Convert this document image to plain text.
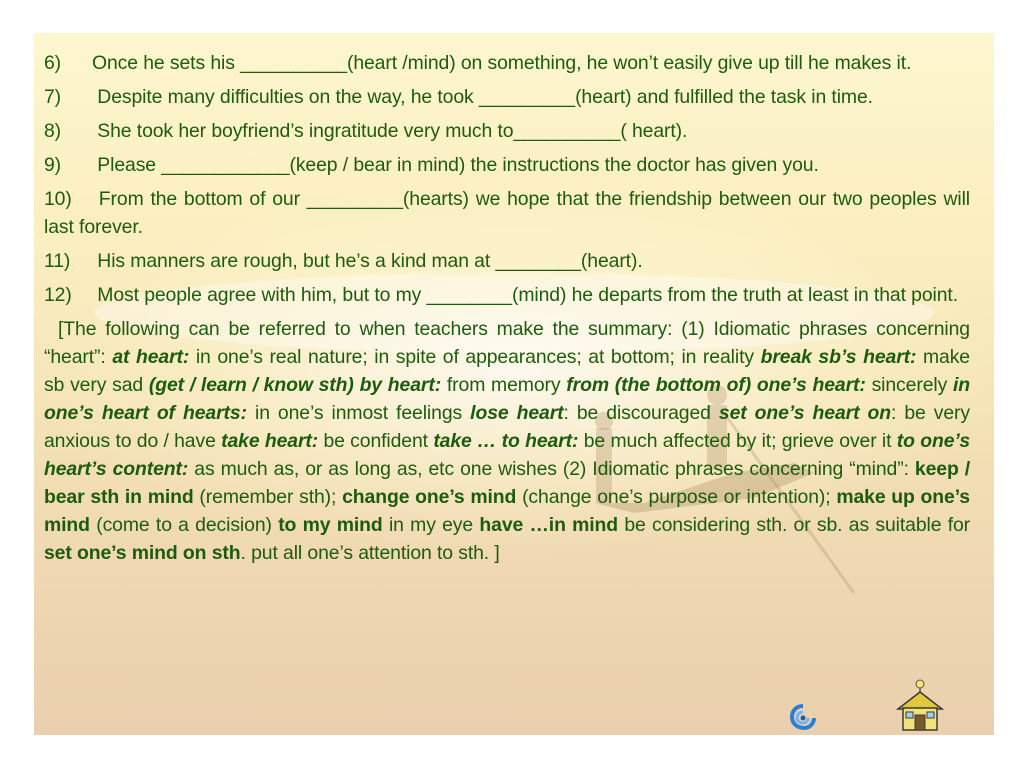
6) Once he sets his __________(heart /mind) on something, he won’t easily give up till he makes it.
7) Despite many difficulties on the way, he took _________(heart) and fulfilled the task in time.
8) She took her boyfriend’s ingratitude very much to__________( heart).
9) Please ____________(keep / bear in mind) the instructions the doctor has given you.
10) From the bottom of our _________(hearts) we hope that the friendship between our two peoples will last forever.
11) His manners are rough, but he’s a kind man at ________(heart).
12) Most people agree with him, but to my ________(mind) he departs from the truth at least in that point.
[The following can be referred to when teachers make the summary: (1) Idiomatic phrases concerning “heart”: at heart: in one’s real nature; in spite of appearances; at bottom; in reality break sb’s heart: make sb very sad (get / learn / know sth) by heart: from memory from (the bottom of) one’s heart: sincerely in one’s heart of hearts: in one’s inmost feelings lose heart: be discouraged set one’s heart on: be very anxious to do / have take heart: be confident take … to heart: be much affected by it; grieve over it to one’s heart’s content: as much as, or as long as, etc one wishes (2) Idiomatic phrases concerning “mind”: keep / bear sth in mind (remember sth); change one’s mind (change one’s purpose or intention); make up one’s mind (come to a decision) to my mind in my eye have …in mind be considering sth. or sb. as suitable for set one’s mind on sth. put all one’s attention to sth. ]
